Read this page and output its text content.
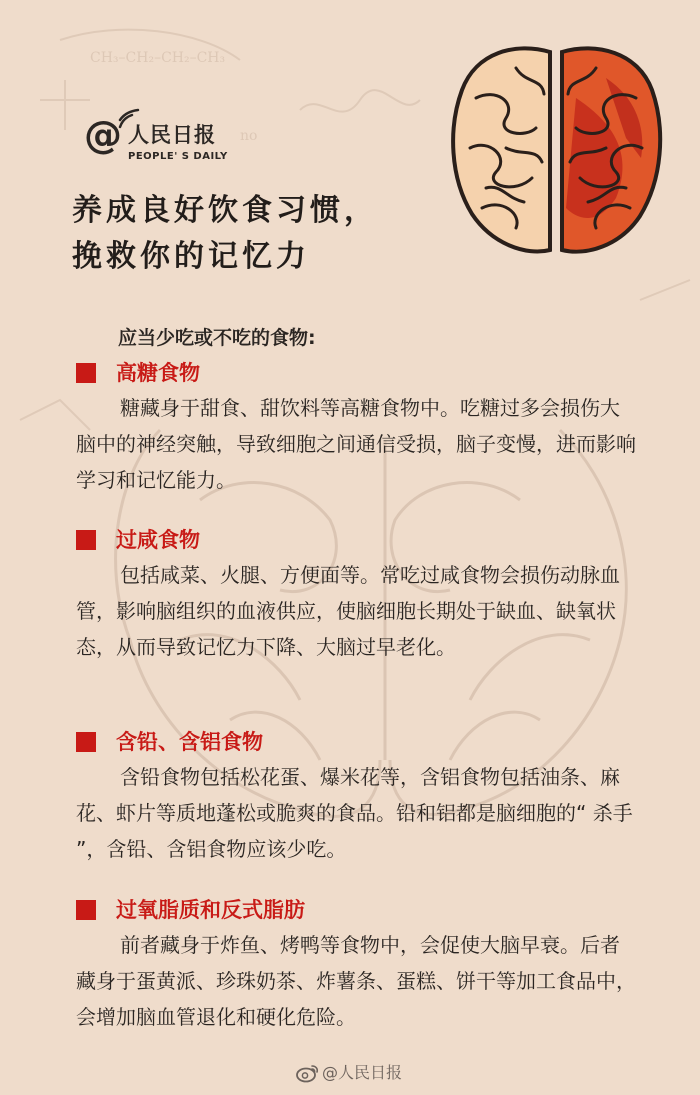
CH₃–CH₂–CH₂–CH₃
no
@ 人民日报
PEOPLE' S DAILY
养成良好饮食习惯，
挽救你的记忆力
应当少吃或不吃的食物:
高糖食物
糖藏身于甜食、甜饮料等高糖食物中。吃糖过多会损伤大脑中的神经突触，导致细胞之间通信受损，脑子变慢，进而影响学习和记忆能力。
过咸食物
包括咸菜、火腿、方便面等。常吃过咸食物会损伤动脉血管，影响脑组织的血液供应，使脑细胞长期处于缺血、缺氧状态，从而导致记忆力下降、大脑过早老化。
含铅、含铝食物
含铅食物包括松花蛋、爆米花等，含铝食物包括油条、麻花、虾片等质地蓬松或脆爽的食品。铅和铝都是脑细胞的“ 杀手 ”，含铅、含铝食物应该少吃。
过氧脂质和反式脂肪
前者藏身于炸鱼、烤鸭等食物中，会促使大脑早衰。后者藏身于蛋黄派、珍珠奶茶、炸薯条、蛋糕、饼干等加工食品中，会增加脑血管退化和硬化危险。
@人民日报
